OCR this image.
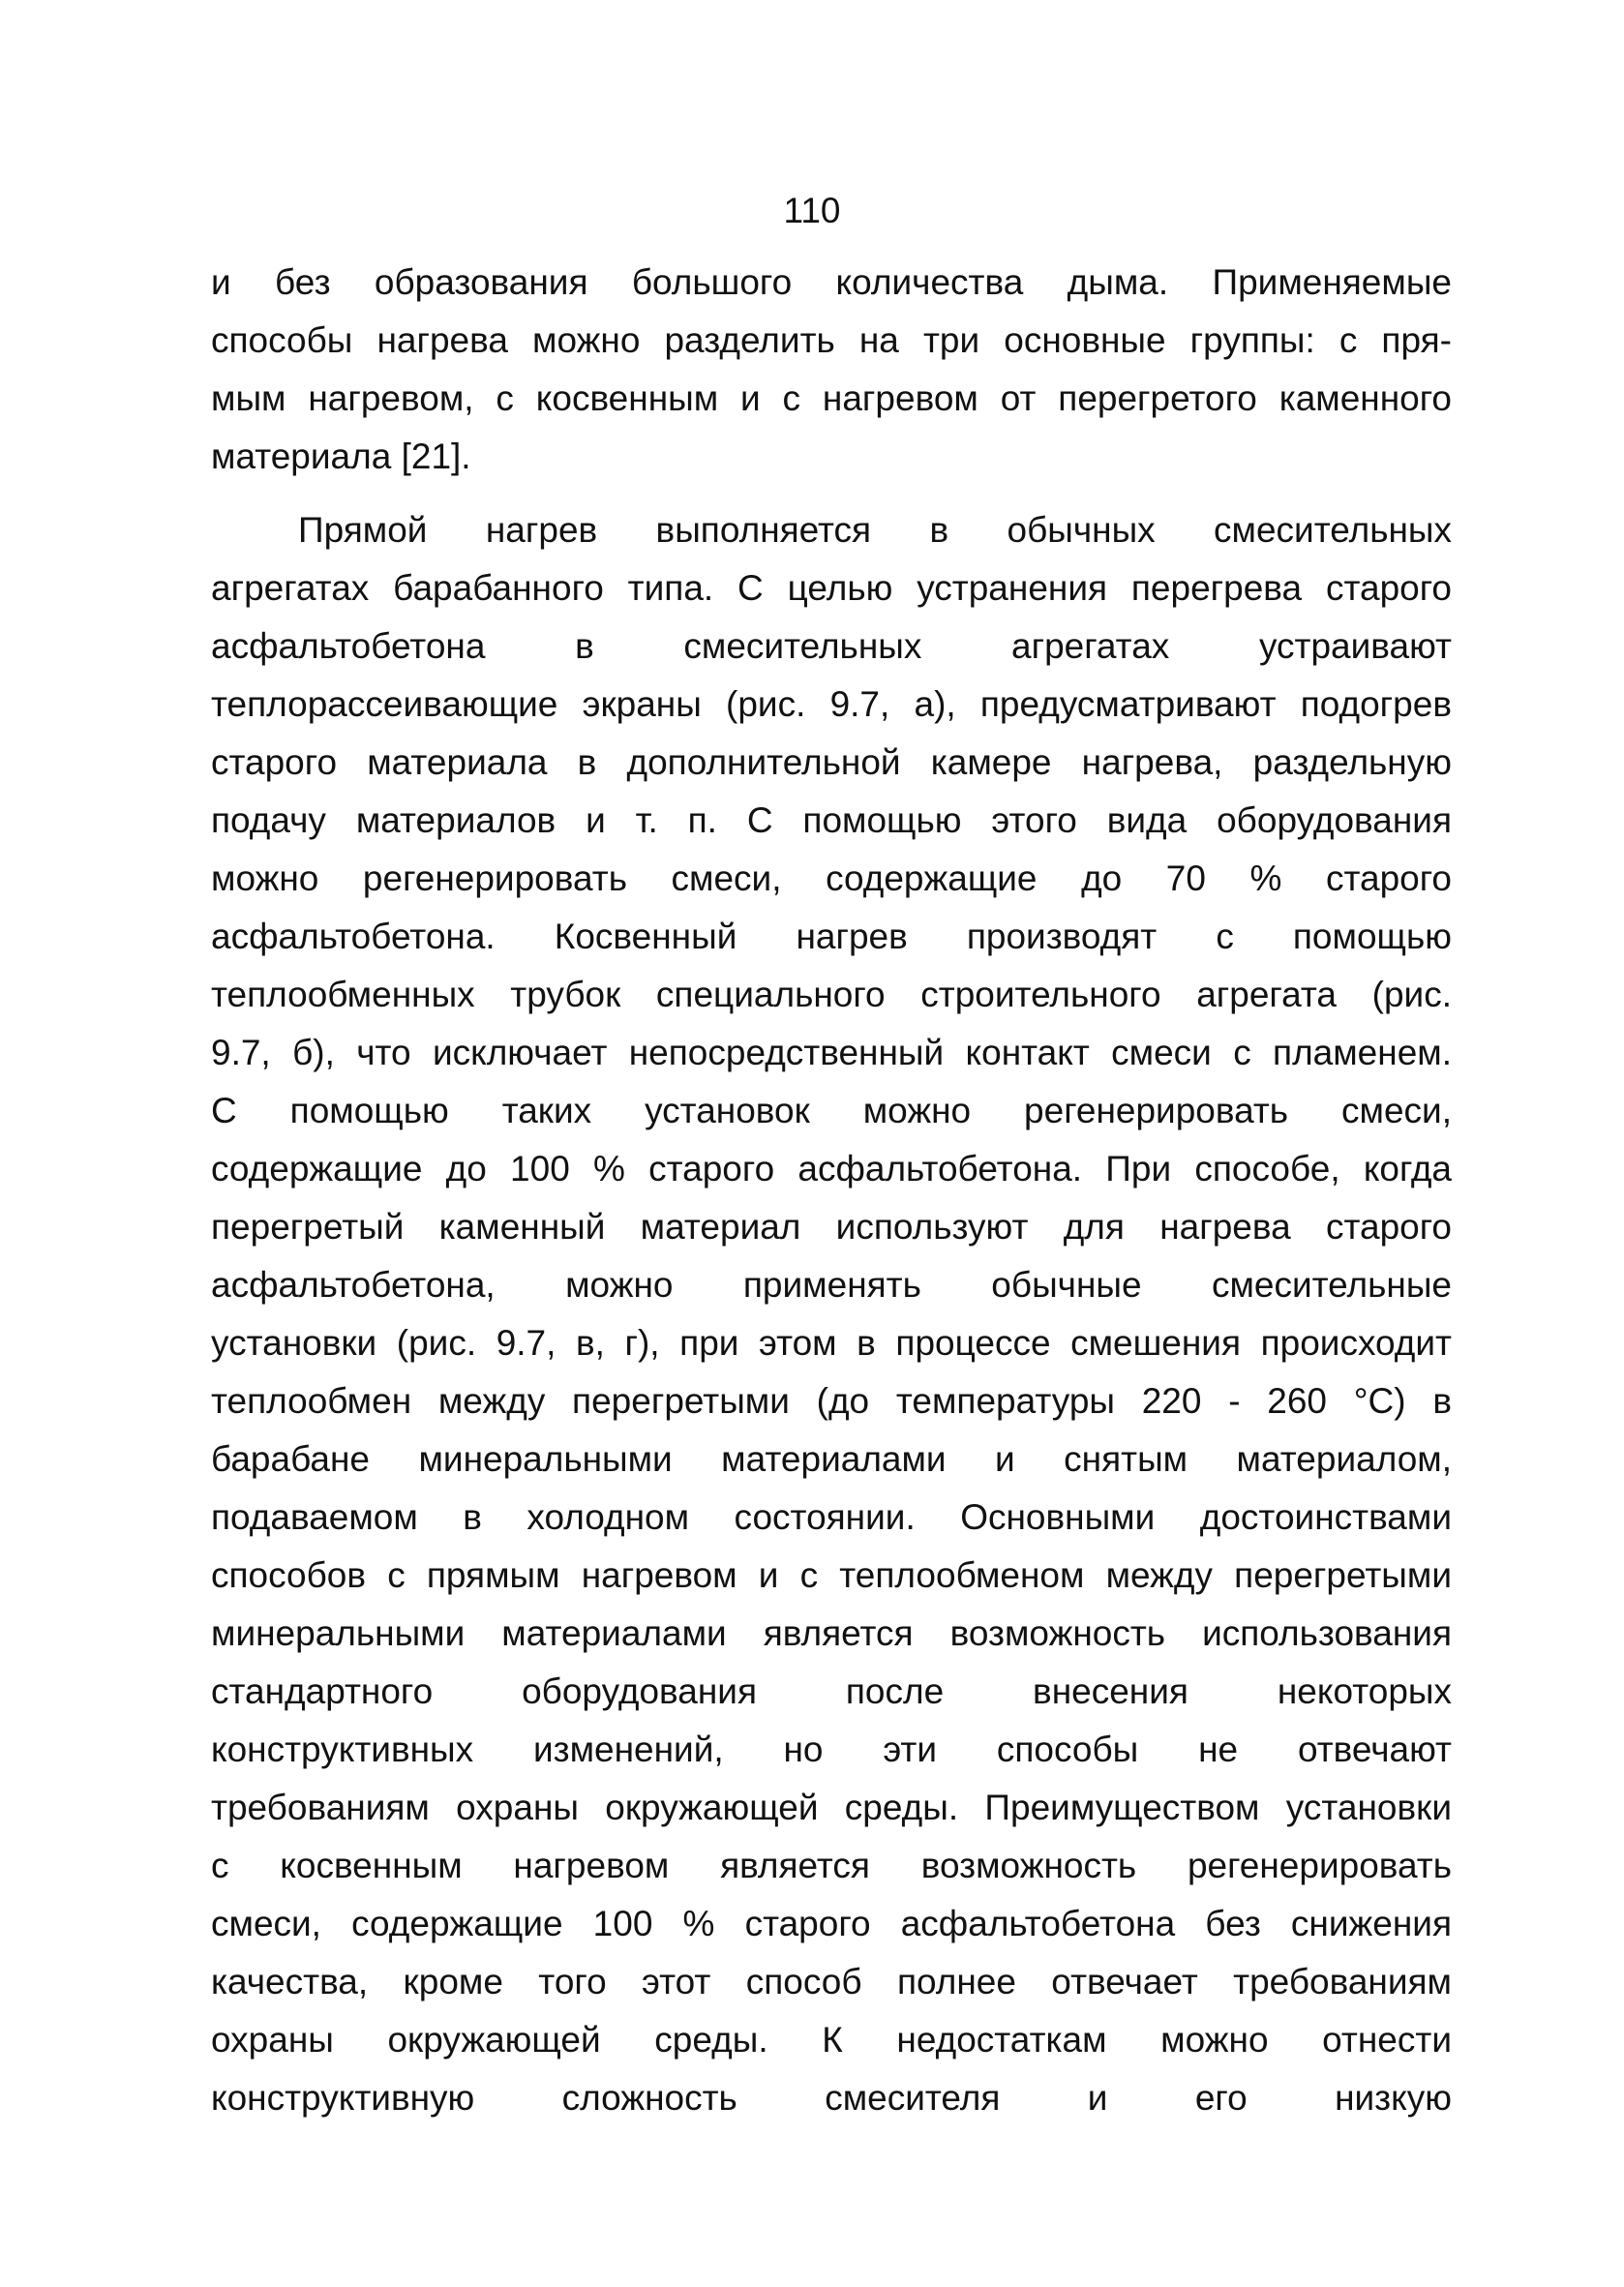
110
и без образования большого количества дыма. Применяемые
способы нагрева можно разделить на три основные группы: с пря-
мым нагревом, с косвенным и с нагревом от перегретого каменного
материала [21].
Прямой нагрев выполняется в обычных смесительных
агрегатах барабанного типа. С целью устранения перегрева старого
асфальтобетона в смесительных агрегатах устраивают
теплорассеивающие экраны (рис. 9.7, а), предусматривают подогрев
старого материала в дополнительной камере нагрева, раздельную
подачу материалов и т. п. С помощью этого вида оборудования
можно регенерировать смеси, содержащие до 70 % старого
асфальтобетона. Косвенный нагрев производят с помощью
теплообменных трубок специального строительного агрегата (рис.
9.7, б), что исключает непосредственный контакт смеси с пламенем.
С помощью таких установок можно регенерировать смеси,
содержащие до 100 % старого асфальтобетона. При способе, когда
перегретый каменный материал используют для нагрева старого
асфальтобетона, можно применять обычные смесительные
установки (рис. 9.7, в, г), при этом в процессе смешения происходит
теплообмен между перегретыми (до температуры 220 - 260 °С) в
барабане минеральными материалами и снятым материалом,
подаваемом в холодном состоянии. Основными достоинствами
способов с прямым нагревом и с теплообменом между перегретыми
минеральными материалами является возможность использования
стандартного оборудования после внесения некоторых
конструктивных изменений, но эти способы не отвечают
требованиям охраны окружающей среды. Преимуществом установки
с косвенным нагревом является возможность регенерировать
смеси, содержащие 100 % старого асфальтобетона без снижения
качества, кроме того этот способ полнее отвечает требованиям
охраны окружающей среды. К недостаткам можно отнести
конструктивную сложность смесителя и его низкую
